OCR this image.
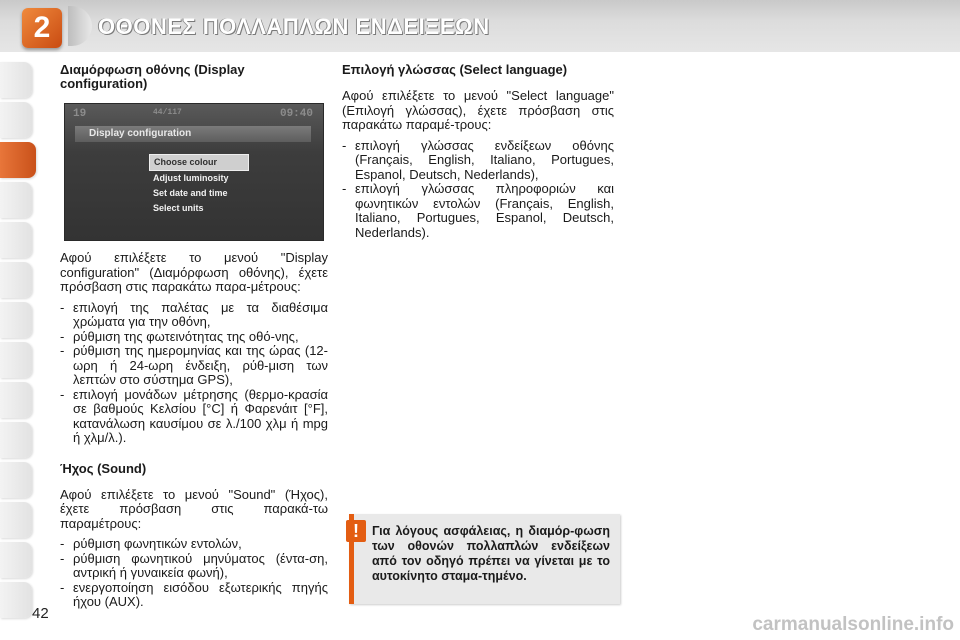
2	ΟΘΟΝΕΣ ΠΟΛΛΑΠΛΩΝ ΕΝΔΕΙΞΕΩΝ
Διαμόρφωση οθόνης (Display configuration)
19	44/117	09:40
Display configuration
Choose colour
Adjust luminosity
Set date and time
Select units

Αφού επιλέξετε το μενού "Display configuration" (Διαμόρφωση οθόνης), έχετε πρόσβαση στις παρακάτω παρα-μέτρους:

- επιλογή της παλέτας με τα διαθέσιμα χρώματα για την οθόνη,
- ρύθμιση της φωτεινότητας της οθό-νης,
- ρύθμιση της ημερομηνίας και της ώρας (12-ωρη ή 24-ωρη ένδειξη, ρύθ-μιση των λεπτών στο σύστημα GPS),
- επιλογή μονάδων μέτρησης (θερμο-κρασία σε βαθμούς Κελσίου [°C] ή Φαρενάιτ [°F], κατανάλωση καυσίμου σε λ./100 χλμ ή mpg ή χλμ/λ.).
Ήχος (Sound)

Αφού επιλέξετε το μενού "Sound" (Ήχος), έχετε πρόσβαση στις παρακά-τω παραμέτρους:

- ρύθμιση φωνητικών εντολών,
- ρύθμιση φωνητικού μηνύματος (έντα-ση, αντρική ή γυναικεία φωνή),
- ενεργοποίηση εισόδου εξωτερικής πηγής ήχου (AUX).
Επιλογή γλώσσας (Select language)

Αφού επιλέξετε το μενού "Select language" (Επιλογή γλώσσας), έχετε πρόσβαση στις παρακάτω παραμέ-τρους:

- επιλογή γλώσσας ενδείξεων οθόνης (Français, English, Italiano, Portugues, Espanol, Deutsch, Nederlands),
- επιλογή γλώσσας πληροφοριών και φωνητικών εντολών (Français, English, Italiano, Portugues, Espanol, Deutsch, Nederlands).
!	Για λόγους ασφάλειας, η διαμόρ-φωση των οθονών πολλαπλών ενδείξεων από τον οδηγό πρέπει να γίνεται με το αυτοκίνητο σταμα-τημένο.
42
carmanualsonline.info
